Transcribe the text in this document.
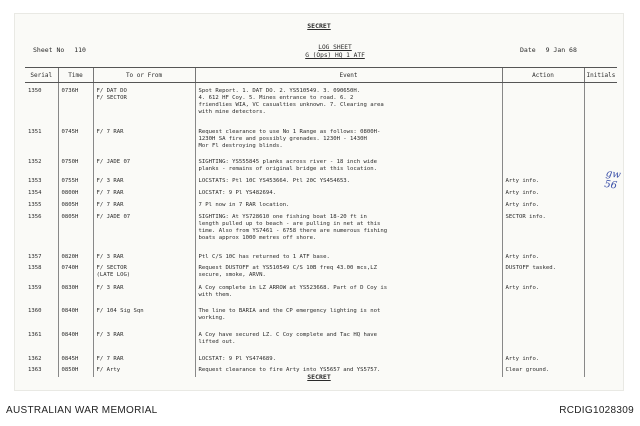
SECRET
Sheet No 110	LOG SHEET
G (Ops) HQ 1 ATF
Date 9 Jan 68
Serial	Time	To or From	Event	Action	Initials
1350	0736H	F/ DAT DO
F/ SECTOR	Spot Report. 1. DAT DO. 2. YS510549. 3. 090650H.
4. 612 HF Coy. 5. Mines entrance to road. 6. 2
friendlies WIA, VC casualties unknown. 7. Clearing area
with mine detectors.		
1351	0745H	F/ 7 RAR	Request clearance to use No 1 Range as follows: 0800H-
1230H SA fire and possibly grenades. 1230H - 1430H
Mor Fl destroying blinds.		
1352	0750H	F/ JADE 07	SIGHTING: YS555845 planks across river - 18 inch wide
planks - remains of original bridge at this location.		
1353	0755H	F/ 3 RAR	LOCSTATS: Ptl 10C YS453664. Ptl 20C YS454653.	Arty info.	
1354	0800H	F/ 7 RAR	LOCSTAT: 9 Pl YS482694.	Arty info.	
1355	0805H	F/ 7 RAR	7 Pl now in 7 RAR location.	Arty info.	
1356	0805H	F/ JADE 07	SIGHTING: At YS728610 one fishing boat 18-20 ft in
length pulled up to beach - are pulling in net at this
time. Also from YS7461 - 6758 there are numerous fishing
boats approx 1000 metres off shore.	SECTOR info.	
1357	0820H	F/ 3 RAR	Ptl C/S 10C has returned to 1 ATF base.	Arty info.	
1358	0740H	F/ SECTOR
(LATE LOG)	Request DUSTOFF at YS510549 C/S 10B freq 43.00 mcs,LZ
secure, smoke, ARVN.	DUSTOFF tasked.	
1359	0830H	F/ 3 RAR	A Coy complete in LZ ARROW at YS523668. Part of D Coy is
with them.	Arty info.	
1360	0840H	F/ 104 Sig Sqn	The line to BARIA and the CP emergency lighting is not
working.		
1361	0840H	F/ 3 RAR	A Coy have secured LZ. C Coy complete and Tac HQ have
lifted out.		
1362	0845H	F/ 7 RAR	LOCSTAT: 9 Pl YS474689.	Arty info.	
1363	0850H	F/ Arty	Request clearance to fire Arty into YS5657 and YS5757.	Clear ground.	
gw
56
SECRET
AUSTRALIAN WAR MEMORIAL	RCDIG1028309
